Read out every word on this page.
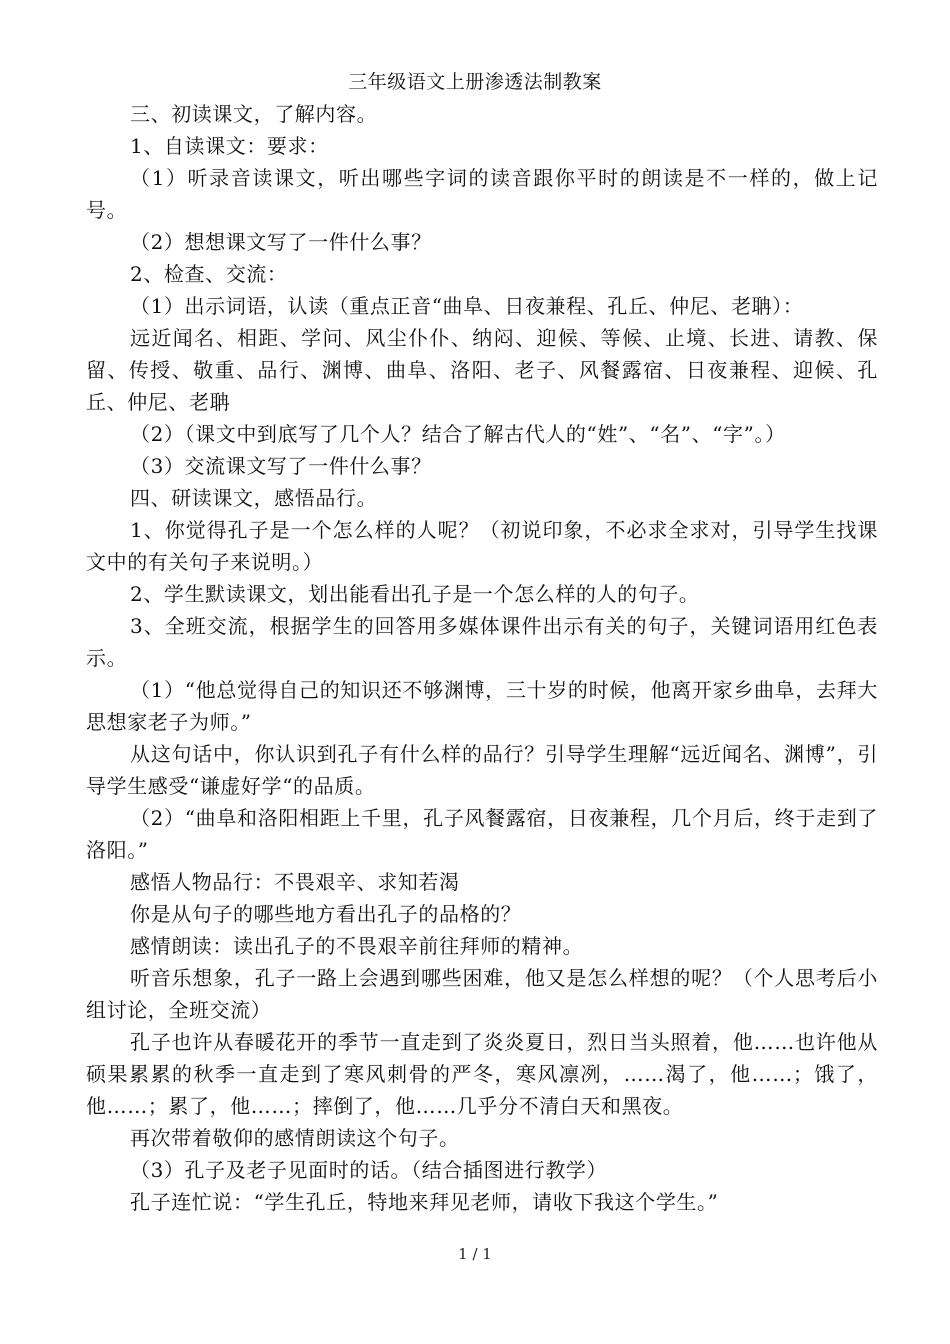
三年级语文上册渗透法制教案

三、初读课文，了解内容。

1、自读课文：要求：

（1）听录音读课文，听出哪些字词的读音跟你平时的朗读是不一样的，做上记号。

（2）想想课文写了一件什么事？

2、检查、交流：

（1）出示词语，认读（重点正音“曲阜、日夜兼程、孔丘、仲尼、老聃）：

远近闻名、相距、学问、风尘仆仆、纳闷、迎候、等候、止境、长进、请教、保留、传授、敬重、品行、渊博、曲阜、洛阳、老子、风餐露宿、日夜兼程、迎候、孔丘、仲尼、老聃

（2）（课文中到底写了几个人？结合了解古代人的“姓”、“名”、“字”。）

（3）交流课文写了一件什么事？

四、研读课文，感悟品行。

1、你觉得孔子是一个怎么样的人呢？（初说印象，不必求全求对，引导学生找课文中的有关句子来说明。）

2、学生默读课文，划出能看出孔子是一个怎么样的人的句子。

3、全班交流，根据学生的回答用多媒体课件出示有关的句子，关键词语用红色表示。

（1）“他总觉得自己的知识还不够渊博，三十岁的时候，他离开家乡曲阜，去拜大思想家老子为师。”

从这句话中，你认识到孔子有什么样的品行？引导学生理解“远近闻名、渊博”，引导学生感受“谦虚好学“的品质。

（2）“曲阜和洛阳相距上千里，孔子风餐露宿，日夜兼程，几个月后，终于走到了洛阳。”

感悟人物品行：不畏艰辛、求知若渴

你是从句子的哪些地方看出孔子的品格的？

感情朗读：读出孔子的不畏艰辛前往拜师的精神。

听音乐想象，孔子一路上会遇到哪些困难，他又是怎么样想的呢？（个人思考后小组讨论，全班交流）

孔子也许从春暖花开的季节一直走到了炎炎夏日，烈日当头照着，他……也许他从硕果累累的秋季一直走到了寒风刺骨的严冬，寒风凛冽，……渴了，他……；饿了，他……；累了，他……；摔倒了，他……几乎分不清白天和黑夜。

再次带着敬仰的感情朗读这个句子。

（3）孔子及老子见面时的话。（结合插图进行教学）

孔子连忙说：“学生孔丘，特地来拜见老师，请收下我这个学生。”

1 / 1
